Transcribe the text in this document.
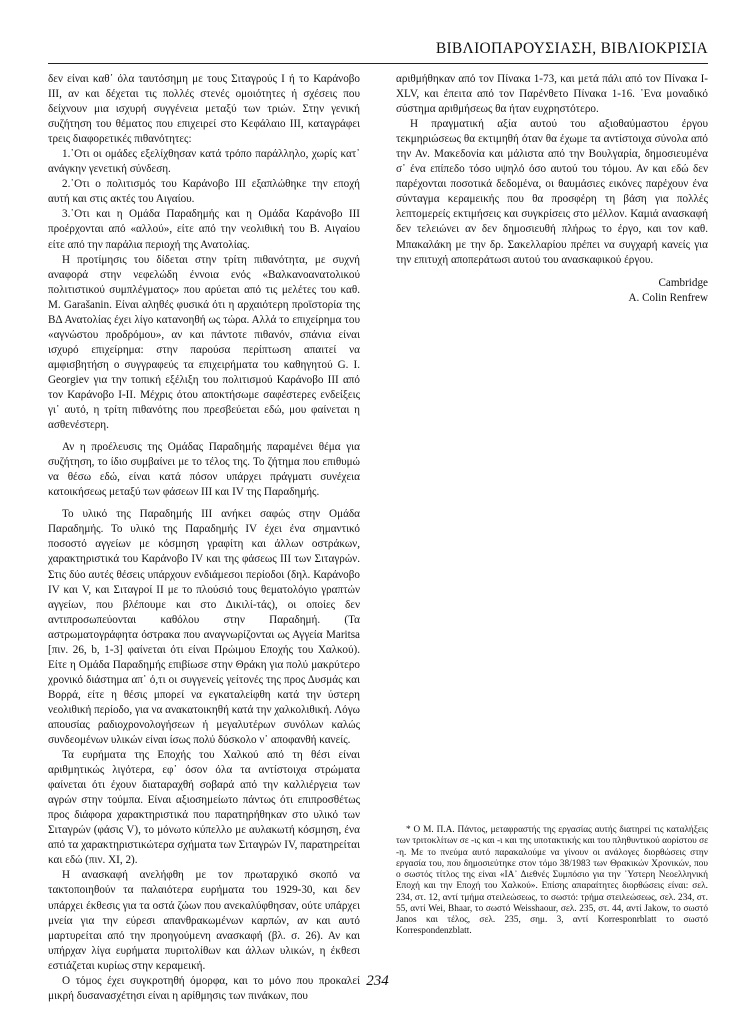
ΒΙΒΛΙΟΠΑΡΟΥΣΙΑΣΗ, ΒΙΒΛΙΟΚΡΙΣΙΑ

δεν είναι καθ᾽ όλα ταυτόσημη με τους Σιταγρούς Ι ή το Καράνοβο ΙΙΙ, αν και δέχεται τις πολλές στενές ομοιότητες ή σχέσεις που δείχνουν μια ισχυρή συγγένεια μεταξύ των τριών. Στην γενική συζήτηση του θέματος που επιχειρεί στο Κεφάλαιο ΙΙΙ, καταγράφει τρεις διαφορετικές πιθανότητες:

1.᾽Οτι οι ομάδες εξελίχθησαν κατά τρόπο παράλληλο, χωρίς κατ᾽ ανάγκην γενετική σύνδεση.

2.᾽Οτι ο πολιτισμός του Καράνοβο ΙΙΙ εξαπλώθηκε την εποχή αυτή και στις ακτές του Αιγαίου.

3.᾽Οτι και η Ομάδα Παραδημής και η Ομάδα Καράνοβο ΙΙΙ προέρχονται από «αλλού», είτε από την νεολιθική του Β. Αιγαίου είτε από την παράλια περιοχή της Ανατολίας.

Η προτίμησις του δίδεται στην τρίτη πιθανότητα, με συχνή αναφορά στην νεφελώδη έννοια ενός «Βαλκανοανατολικού πολιτιστικού συμπλέγματος» που αρύεται από τις μελέτες του καθ. M. Garašanin. Είναι αληθές φυσικά ότι η αρχαιότερη προϊστορία της ΒΔ Ανατολίας έχει λίγο κατανοηθή ως τώρα. Αλλά το επιχείρημα του «αγνώστου προδρόμου», αν και πάντοτε πιθανόν, σπάνια είναι ισχυρό επιχείρημα: στην παρούσα περίπτωση απαιτεί να αμφισβητήση ο συγγραφεύς τα επιχειρήματα του καθηγητού G. I. Georgiev για την τοπική εξέλιξη του πολιτισμού Καράνοβο ΙΙΙ από τον Καράνοβο Ι-ΙΙ. Μέχρις ότου αποκτήσωμε σαφέστερες ενδείξεις γι᾽ αυτό, η τρίτη πιθανότης που πρεσβεύεται εδώ, μου φαίνεται η ασθενέστερη.

Αν η προέλευσις της Ομάδας Παραδημής παραμένει θέμα για συζήτηση, το ίδιο συμβαίνει με το τέλος της. Το ζήτημα που επιθυμώ να θέσω εδώ, είναι κατά πόσον υπάρχει πράγματι συνέχεια κατοικήσεως μεταξύ των φάσεων ΙΙΙ και IV της Παραδημής.

Το υλικό της Παραδημής ΙΙΙ ανήκει σαφώς στην Ομάδα Παραδημής. Το υλικό της Παραδημής IV έχει ένα σημαντικό ποσοστό αγγείων με κόσμηση γραφίτη και άλλων οστράκων, χαρακτηριστικά του Καράνοβο IV και της φάσεως ΙΙΙ των Σιταγρών. Στις δύο αυτές θέσεις υπάρχουν ενδιάμεσοι περίοδοι (δηλ. Καράνοβο IV και V, και Σιταγροί ΙΙ με το πλούσιό τους θεματολόγιο γραπτών αγγείων, που βλέπουμε και στο Δικιλί-τάς), οι οποίες δεν αντιπροσωπεύονται καθόλου στην Παραδημή. (Τα αστρωματογράφητα όστρακα που αναγνωρίζονται ως Αγγεία Maritsa [πιν. 26, b, 1-3] φαίνεται ότι είναι Πρώιμου Εποχής του Χαλκού). Είτε η Ομάδα Παραδημής επιβίωσε στην Θράκη για πολύ μακρύτερο χρονικό διάστημα απ᾽ ό,τι οι συγγενείς γείτονές της προς Δυσμάς και Βορρά, είτε η θέσις μπορεί να εγκαταλείφθη κατά την ύστερη νεολιθική περίοδο, για να ανακατοικηθή κατά την χαλκολιθική. Λόγω απουσίας ραδιοχρονολογήσεων ή μεγαλυτέρων συνόλων καλώς συνδεομένων υλικών είναι ίσως πολύ δύσκολο ν᾽ αποφανθή κανείς.

Τα ευρήματα της Εποχής του Χαλκού από τη θέσι είναι αριθμητικώς λιγότερα, εφ᾽ όσον όλα τα αντίστοιχα στρώματα φαίνεται ότι έχουν διαταραχθή σοβαρά από την καλλιέργεια των αγρών στην τούμπα. Είναι αξιοσημείωτο πάντως ότι επιπροσθέτως προς διάφορα χαρακτηριστικά που παρατηρήθηκαν στο υλικό των Σιταγρών (φάσις V), το μόνωτο κύπελλο με αυλακωτή κόσμηση, ένα από τα χαρακτηριστικώτερα σχήματα των Σιταγρών IV, παρατηρείται και εδώ (πιν. XI, 2).

Η ανασκαφή ανελήφθη με τον πρωταρχικό σκοπό να τακτοποιηθούν τα παλαιότερα ευρήματα του 1929-30, και δεν υπάρχει έκθεσις για τα οστά ζώων που ανεκαλύφθησαν, ούτε υπάρχει μνεία για την εύρεσι απανθρακωμένων καρπών, αν και αυτό μαρτυρείται από την προηγούμενη ανασκαφή (βλ. σ. 26). Αν και υπήρχαν λίγα ευρήματα πυριτολίθων και άλλων υλικών, η έκθεσι εστιάζεται κυρίως στην κεραμεική.

Ο τόμος έχει συγκροτηθή όμορφα, και το μόνο που προκαλεί μικρή δυσανασχέτησι είναι η αρίθμησις των πινάκων, που

αριθμήθηκαν από τον Πίνακα 1-73, και μετά πάλι από τον Πίνακα Ι-XLV, και έπειτα από τον Παρένθετο Πίνακα 1-16. ᾽Ενα μοναδικό σύστημα αριθμήσεως θα ήταν ευχρηστότερο.

Η πραγματική αξία αυτού του αξιοθαύμαστου έργου τεκμηριώσεως θα εκτιμηθή όταν θα έχωμε τα αντίστοιχα σύνολα από την Αν. Μακεδονία και μάλιστα από την Βουλγαρία, δημοσιευμένα σ᾽ ένα επίπεδο τόσο υψηλό όσο αυτού του τόμου. Αν και εδώ δεν παρέχονται ποσοτικά δεδομένα, οι θαυμάσιες εικόνες παρέχουν ένα σύνταγμα κεραμεικής που θα προσφέρη τη βάση για πολλές λεπτομερείς εκτιμήσεις και συγκρίσεις στο μέλλον. Καμιά ανασκαφή δεν τελειώνει αν δεν δημοσιευθή πλήρως το έργο, και τον καθ. Μπακαλάκη με την δρ. Σακελλαρίου πρέπει να συγχαρή κανείς για την επιτυχή αποπεράτωσι αυτού του ανασκαφικού έργου.

Cambridge
A. Colin Renfrew

* Ο Μ. Π.Α. Πάντος, μεταφραστής της εργασίας αυτής διατηρεί τις καταλήξεις των τριτοκλίτων σε -ις και -ι και της υποτακτικής και του πληθυντικού αορίστου σε -η. Με το πνεύμα αυτό παρακαλούμε να γίνουν οι ανάλογες διορθώσεις στην εργασία του, που δημοσιεύτηκε στον τόμο 38/1983 των Θρακικών Χρονικών, που ο σωστός τίτλος της είναι «ΙΑ᾽ Διεθνές Συμπόσιο για την ᾽Υστερη Νεοελληνική Εποχή και την Εποχή του Χαλκού». Επίσης απαραίτητες διορθώσεις είναι: σελ. 234, στ. 12, αντί τμήμα στειλεώσεως, το σωστό: τρήμα στειλεώσεως, σελ. 234, στ. 55, αντί Wei, Bhaar, το σωστό Weisshaour, σελ. 235, στ. 44, αντί Jakow, το σωστό Janos και τέλος, σελ. 235, σημ. 3, αντί Korresponrblatt το σωστό Korrespondenzblatt.

234
